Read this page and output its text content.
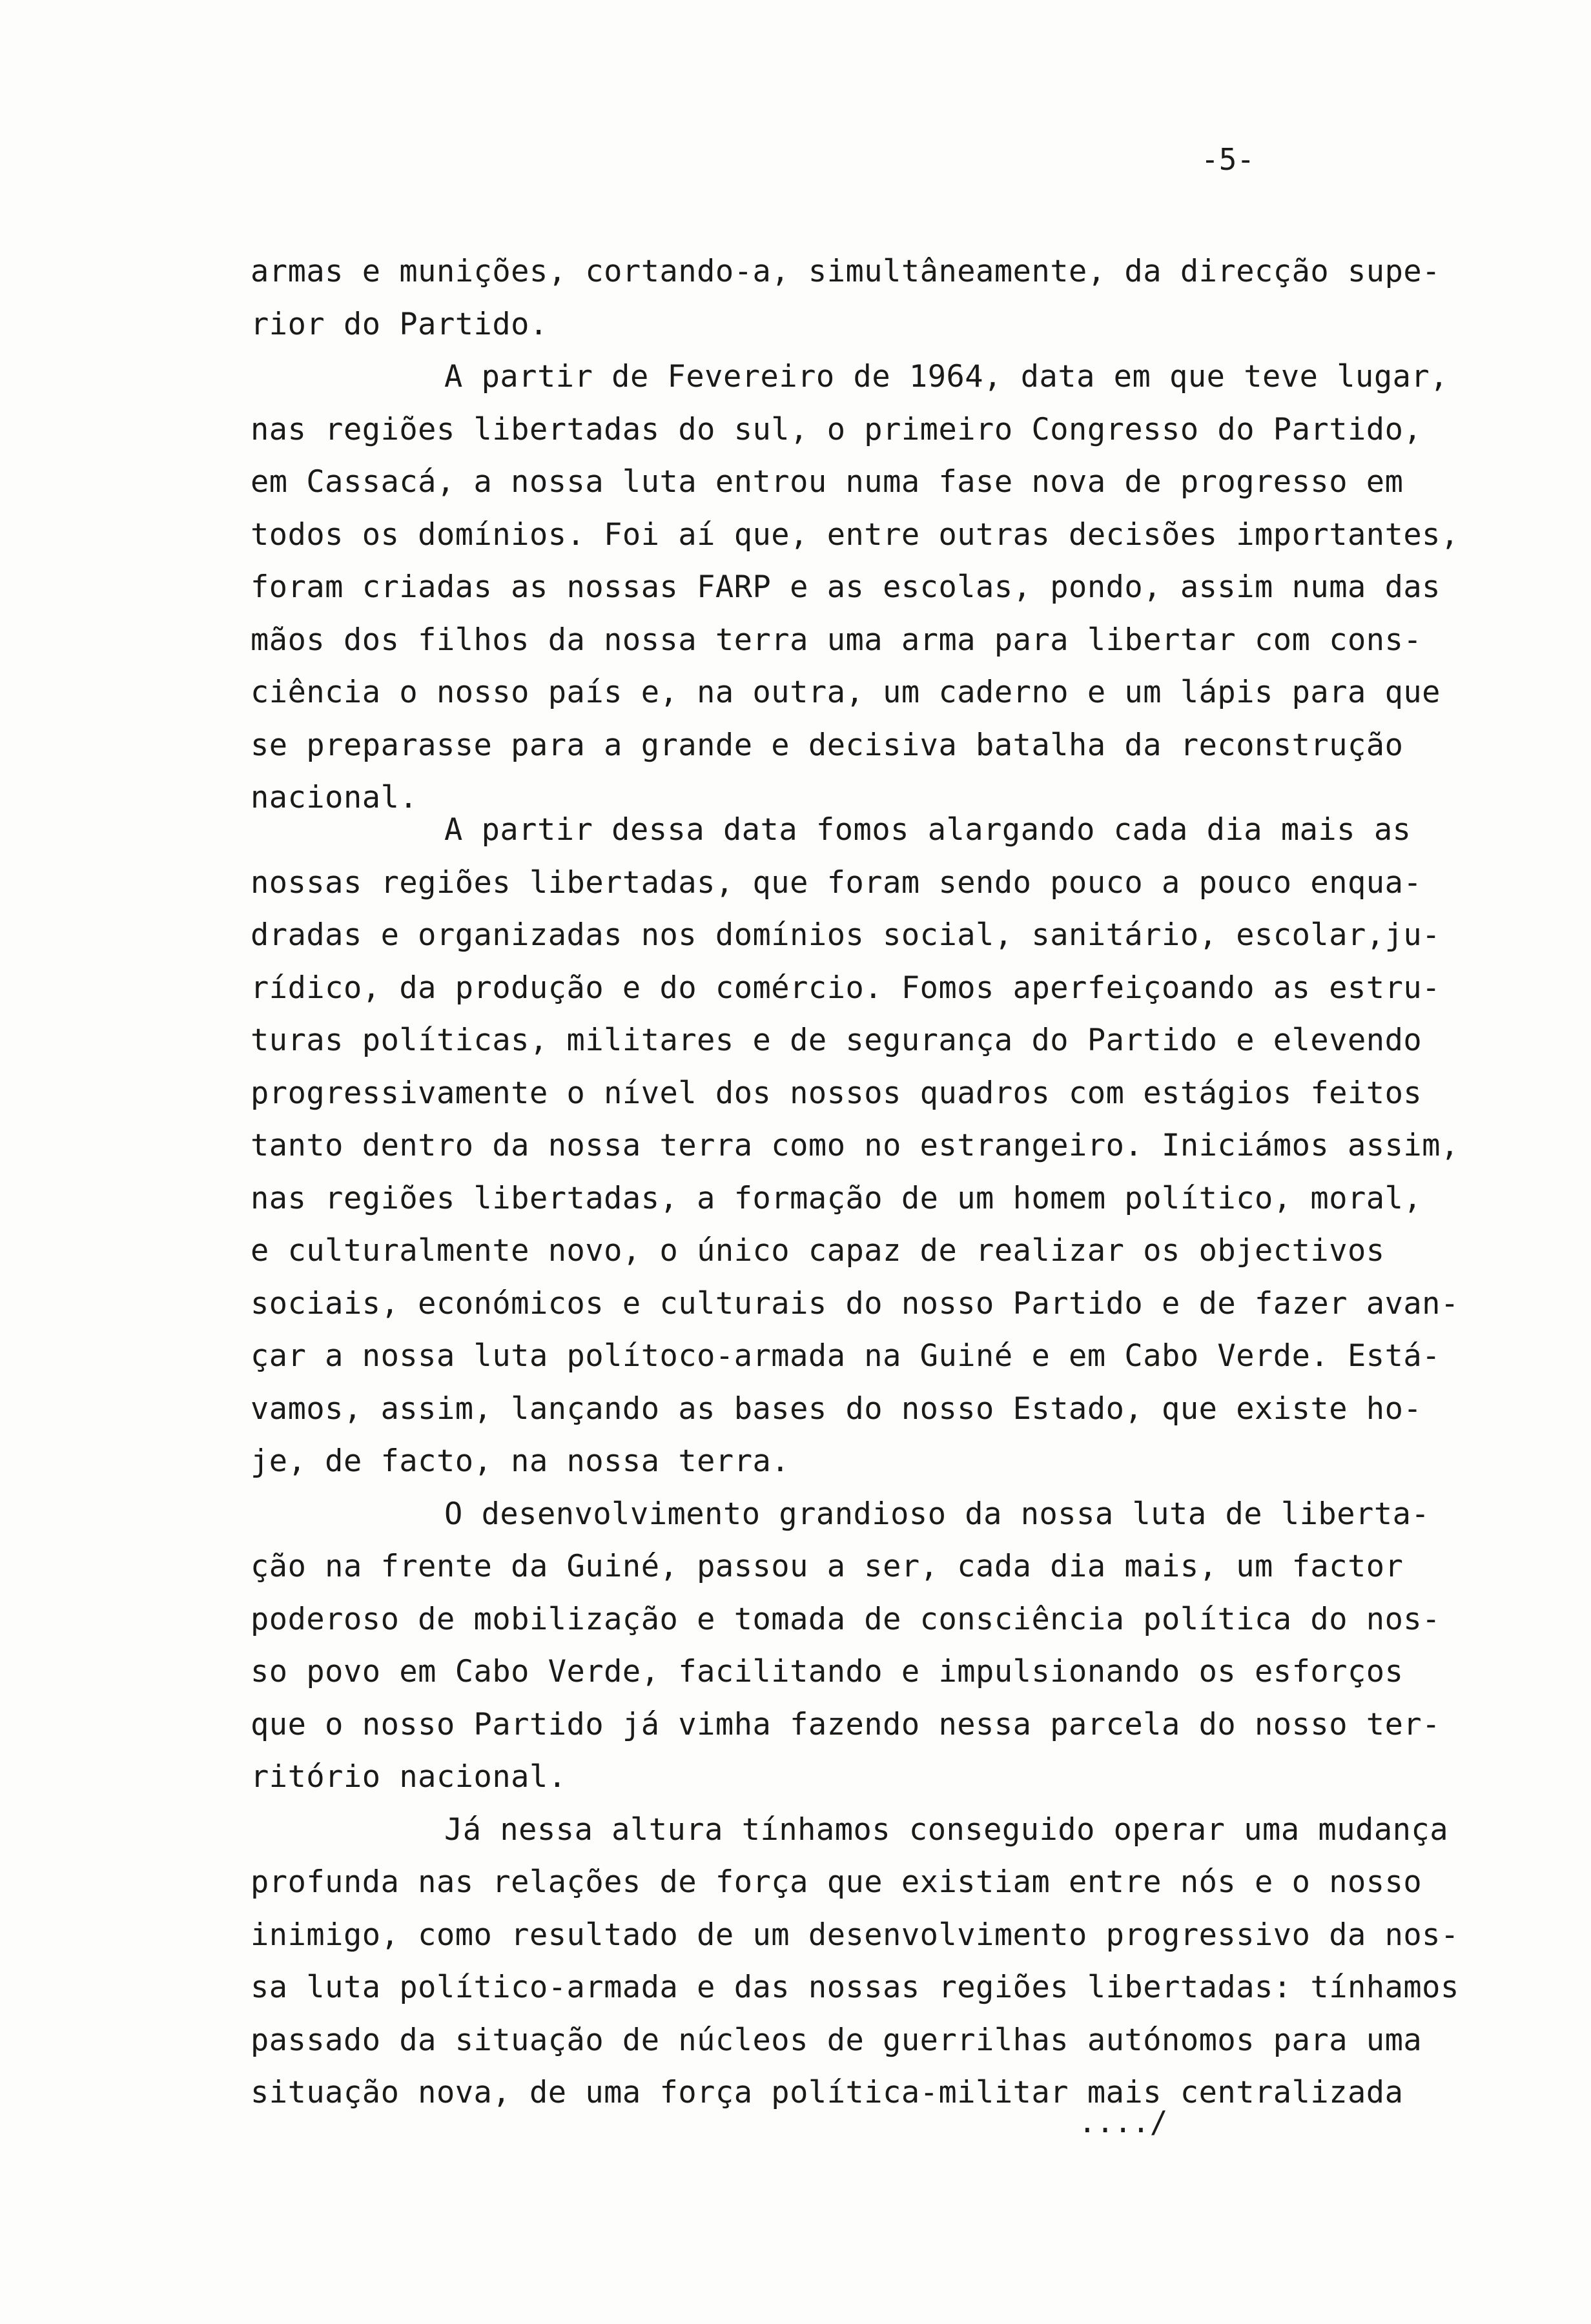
-5-
armas e munições, cortando-a, simultâneamente, da direcção supe-
rior do Partido.
A partir de Fevereiro de 1964, data em que teve lugar,
nas regiões libertadas do sul, o primeiro Congresso do Partido,
em Cassacá, a nossa luta entrou numa fase nova de progresso em
todos os domínios. Foi aí que, entre outras decisões importantes,
foram criadas as nossas FARP e as escolas, pondo, assim numa das
mãos dos filhos da nossa terra uma arma para libertar com cons-
ciência o nosso país e, na outra, um caderno e um lápis para que
se preparasse para a grande e decisiva batalha da reconstrução
nacional.
A partir dessa data fomos alargando cada dia mais as
nossas regiões libertadas, que foram sendo pouco a pouco enqua-
dradas e organizadas nos domínios social, sanitário, escolar,ju-
rídico, da produção e do comércio. Fomos aperfeiçoando as estru-
turas políticas, militares e de segurança do Partido e elevendo
progressivamente o nível dos nossos quadros com estágios feitos
tanto dentro da nossa terra como no estrangeiro. Iniciámos assim,
nas regiões libertadas, a formação de um homem político, moral,
e culturalmente novo, o único capaz de realizar os objectivos
sociais, económicos e culturais do nosso Partido e de fazer avan-
çar a nossa luta polítoco-armada na Guiné e em Cabo Verde. Está-
vamos, assim, lançando as bases do nosso Estado, que existe ho-
je, de facto, na nossa terra.
O desenvolvimento grandioso da nossa luta de liberta-
ção na frente da Guiné, passou a ser, cada dia mais, um factor
poderoso de mobilização e tomada de consciência política do nos-
so povo em Cabo Verde, facilitando e impulsionando os esforços
que o nosso Partido já vimha fazendo nessa parcela do nosso ter-
ritório nacional.
Já nessa altura tínhamos conseguido operar uma mudança
profunda nas relações de força que existiam entre nós e o nosso
inimigo, como resultado de um desenvolvimento progressivo da nos-
sa luta político-armada e das nossas regiões libertadas: tínhamos
passado da situação de núcleos de guerrilhas autónomos para uma
situação nova, de uma força política-militar mais centralizada
..../
